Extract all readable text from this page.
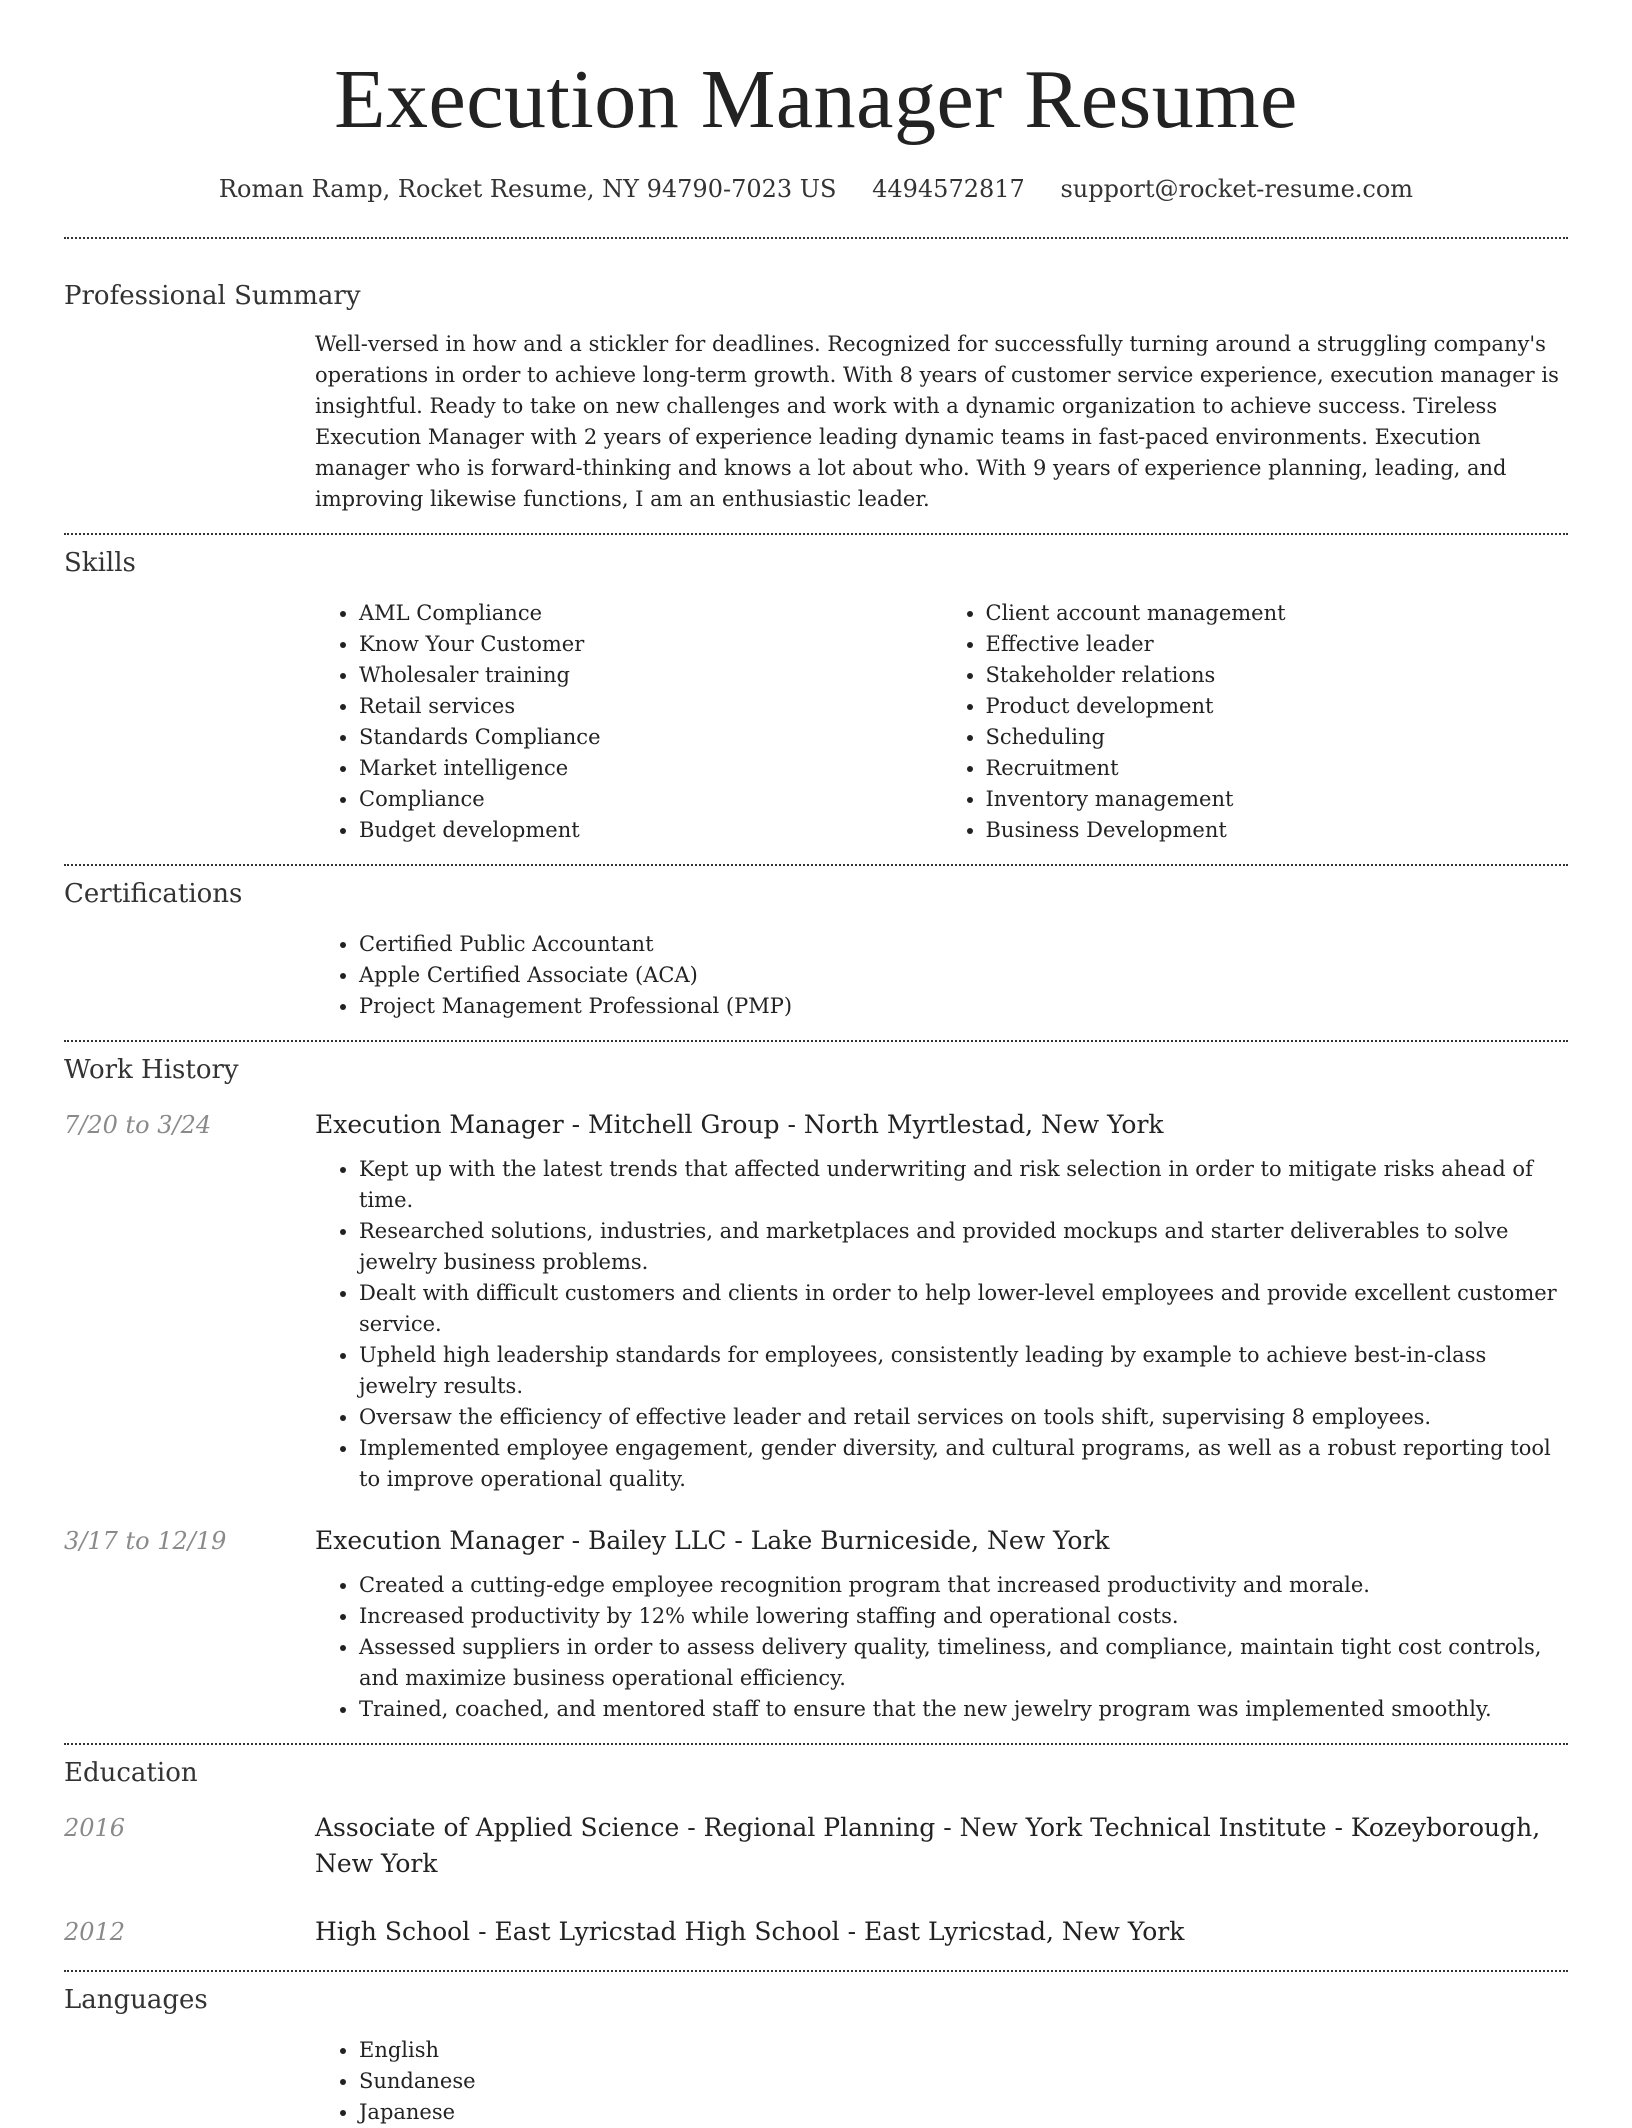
Execution Manager Resume
Roman Ramp, Rocket Resume, NY 94790-7023 US 4494572817 support@rocket-resume.com
Professional Summary

Well-versed in how and a stickler for deadlines. Recognized for successfully turning around a struggling company's operations in order to achieve long-term growth. With 8 years of customer service experience, execution manager is insightful. Ready to take on new challenges and work with a dynamic organization to achieve success. Tireless Execution Manager with 2 years of experience leading dynamic teams in fast-paced environments. Execution manager who is forward-thinking and knows a lot about who. With 9 years of experience planning, leading, and improving likewise functions, I am an enthusiastic leader.

Skills
• AML Compliance
• Know Your Customer
• Wholesaler training
• Retail services
• Standards Compliance
• Market intelligence
• Compliance
• Budget development
• Client account management
• Effective leader
• Stakeholder relations
• Product development
• Scheduling
• Recruitment
• Inventory management
• Business Development
Certifications
• Certified Public Accountant
• Apple Certified Associate (ACA)
• Project Management Professional (PMP)
Work History
7/20 to 3/24	Execution Manager - Mitchell Group - North Myrtlestad, New York
• Kept up with the latest trends that affected underwriting and risk selection in order to mitigate risks ahead of time.
• Researched solutions, industries, and marketplaces and provided mockups and starter deliverables to solve jewelry business problems.
• Dealt with difficult customers and clients in order to help lower-level employees and provide excellent customer service.
• Upheld high leadership standards for employees, consistently leading by example to achieve best-in-class jewelry results.
• Oversaw the efficiency of effective leader and retail services on tools shift, supervising 8 employees.
• Implemented employee engagement, gender diversity, and cultural programs, as well as a robust reporting tool to improve operational quality.
3/17 to 12/19	Execution Manager - Bailey LLC - Lake Burniceside, New York
• Created a cutting-edge employee recognition program that increased productivity and morale.
• Increased productivity by 12% while lowering staffing and operational costs.
• Assessed suppliers in order to assess delivery quality, timeliness, and compliance, maintain tight cost controls, and maximize business operational efficiency.
• Trained, coached, and mentored staff to ensure that the new jewelry program was implemented smoothly.
Education
2016	Associate of Applied Science - Regional Planning - New York Technical Institute - Kozeyborough, New York
2012	High School - East Lyricstad High School - East Lyricstad, New York
Languages
• English
• Sundanese
• Japanese
